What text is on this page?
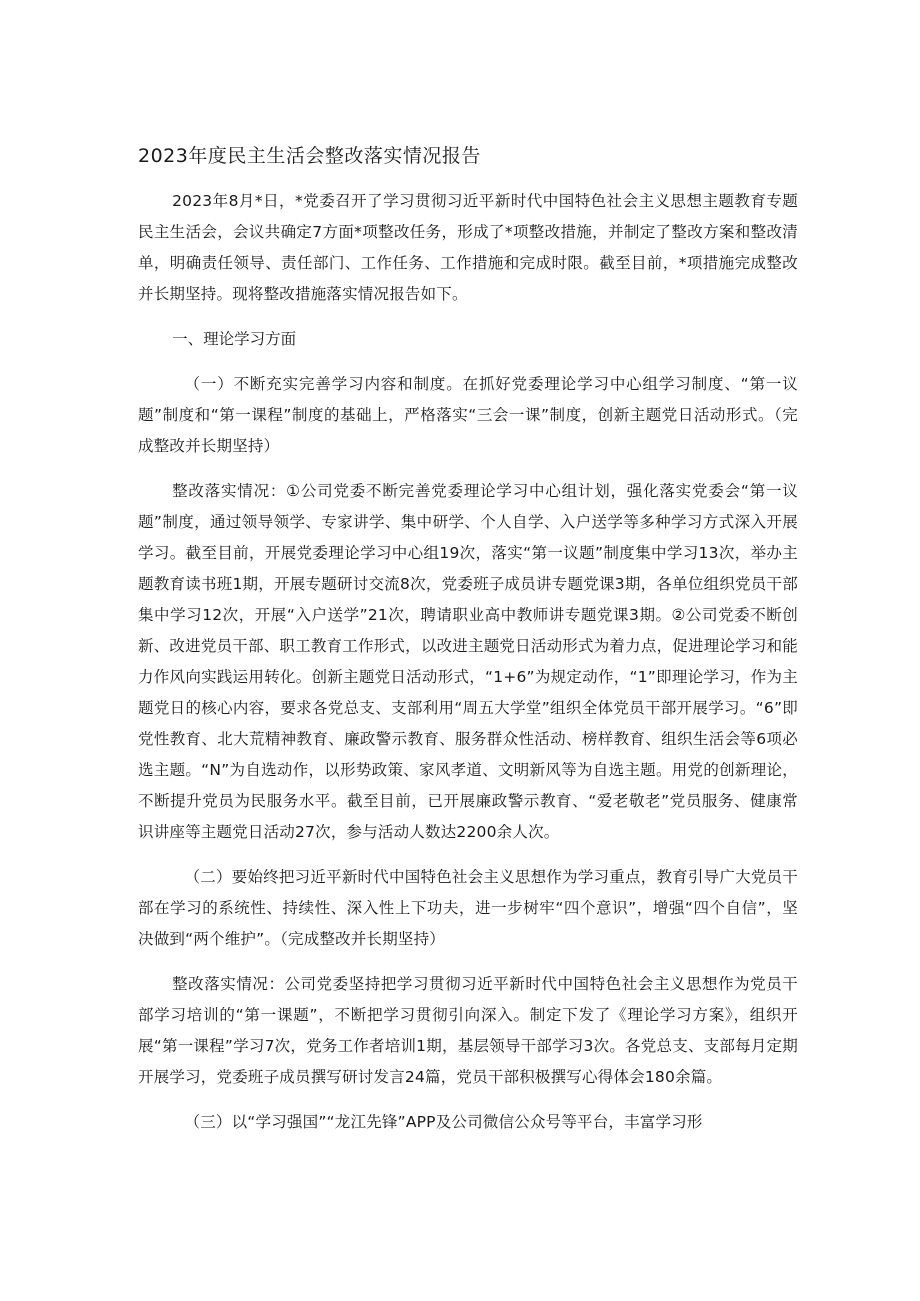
2023年度民主生活会整改落实情况报告

2023年8月*日，*党委召开了学习贯彻习近平新时代中国特色社会主义思想主题教育专题民主生活会，会议共确定7方面*项整改任务，形成了*项整改措施，并制定了整改方案和整改清单，明确责任领导、责任部门、工作任务、工作措施和完成时限。截至目前，*项措施完成整改并长期坚持。现将整改措施落实情况报告如下。

一、理论学习方面

（一）不断充实完善学习内容和制度。在抓好党委理论学习中心组学习制度、“第一议题”制度和“第一课程”制度的基础上，严格落实“三会一课”制度，创新主题党日活动形式。（完成整改并长期坚持）

整改落实情况：①公司党委不断完善党委理论学习中心组计划，强化落实党委会“第一议题”制度，通过领导领学、专家讲学、集中研学、个人自学、入户送学等多种学习方式深入开展学习。截至目前，开展党委理论学习中心组19次，落实“第一议题”制度集中学习13次，举办主题教育读书班1期，开展专题研讨交流8次，党委班子成员讲专题党课3期，各单位组织党员干部集中学习12次，开展“入户送学”21次，聘请职业高中教师讲专题党课3期。②公司党委不断创新、改进党员干部、职工教育工作形式，以改进主题党日活动形式为着力点，促进理论学习和能力作风向实践运用转化。创新主题党日活动形式，“1+6”为规定动作，“1”即理论学习，作为主题党日的核心内容，要求各党总支、支部利用“周五大学堂”组织全体党员干部开展学习。“6”即党性教育、北大荒精神教育、廉政警示教育、服务群众性活动、榜样教育、组织生活会等6项必选主题。“N”为自选动作，以形势政策、家风孝道、文明新风等为自选主题。用党的创新理论，不断提升党员为民服务水平。截至目前，已开展廉政警示教育、“爱老敬老”党员服务、健康常识讲座等主题党日活动27次，参与活动人数达2200余人次。

（二）要始终把习近平新时代中国特色社会主义思想作为学习重点，教育引导广大党员干部在学习的系统性、持续性、深入性上下功夫，进一步树牢“四个意识”，增强“四个自信”，坚决做到“两个维护”。（完成整改并长期坚持）

整改落实情况：公司党委坚持把学习贯彻习近平新时代中国特色社会主义思想作为党员干部学习培训的“第一课题”，不断把学习贯彻引向深入。制定下发了《理论学习方案》，组织开展“第一课程”学习7次，党务工作者培训1期，基层领导干部学习3次。各党总支、支部每月定期开展学习，党委班子成员撰写研讨发言24篇，党员干部积极撰写心得体会180余篇。

（三）以“学习强国”“龙江先锋”APP及公司微信公众号等平台，丰富学习形
